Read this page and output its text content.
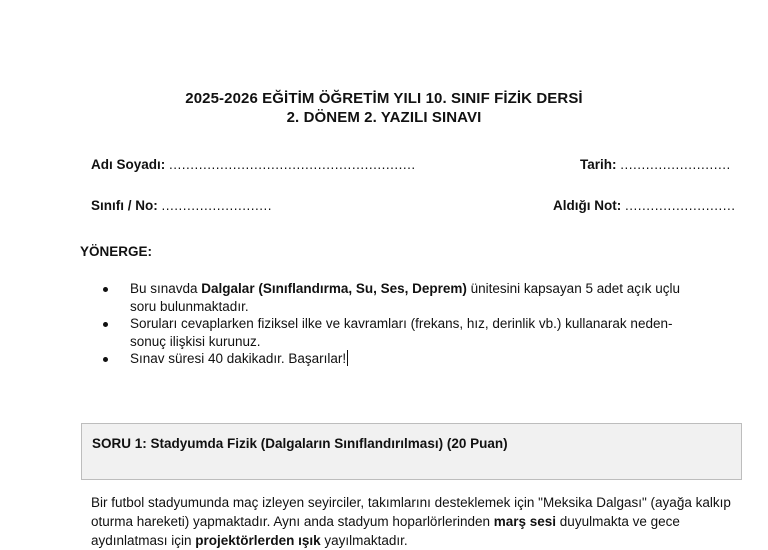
2025-2026 EĞİTİM ÖĞRETİM YILI 10. SINIF FİZİK DERSİ
2. DÖNEM 2. YAZILI SINAVI
Adı Soyadı: ..........................................................	Tarih: ..........................
Sınıfı / No: ..........................	Aldığı Not: ..........................
YÖNERGE:
Bu sınavda Dalgalar (Sınıflandırma, Su, Ses, Deprem) ünitesini kapsayan 5 adet açık uçlu soru bulunmaktadır.
Soruları cevaplarken fiziksel ilke ve kavramları (frekans, hız, derinlik vb.) kullanarak neden-sonuç ilişkisi kurunuz.
Sınav süresi 40 dakikadır. Başarılar!
SORU 1: Stadyumda Fizik (Dalgaların Sınıflandırılması) (20 Puan)
Bir futbol stadyumunda maç izleyen seyirciler, takımlarını desteklemek için "Meksika Dalgası" (ayağa kalkıp oturma hareketi) yapmaktadır. Aynı anda stadyum hoparlörlerinden marş sesi duyulmakta ve gece aydınlatması için projektörlerden ışık yayılmaktadır.
